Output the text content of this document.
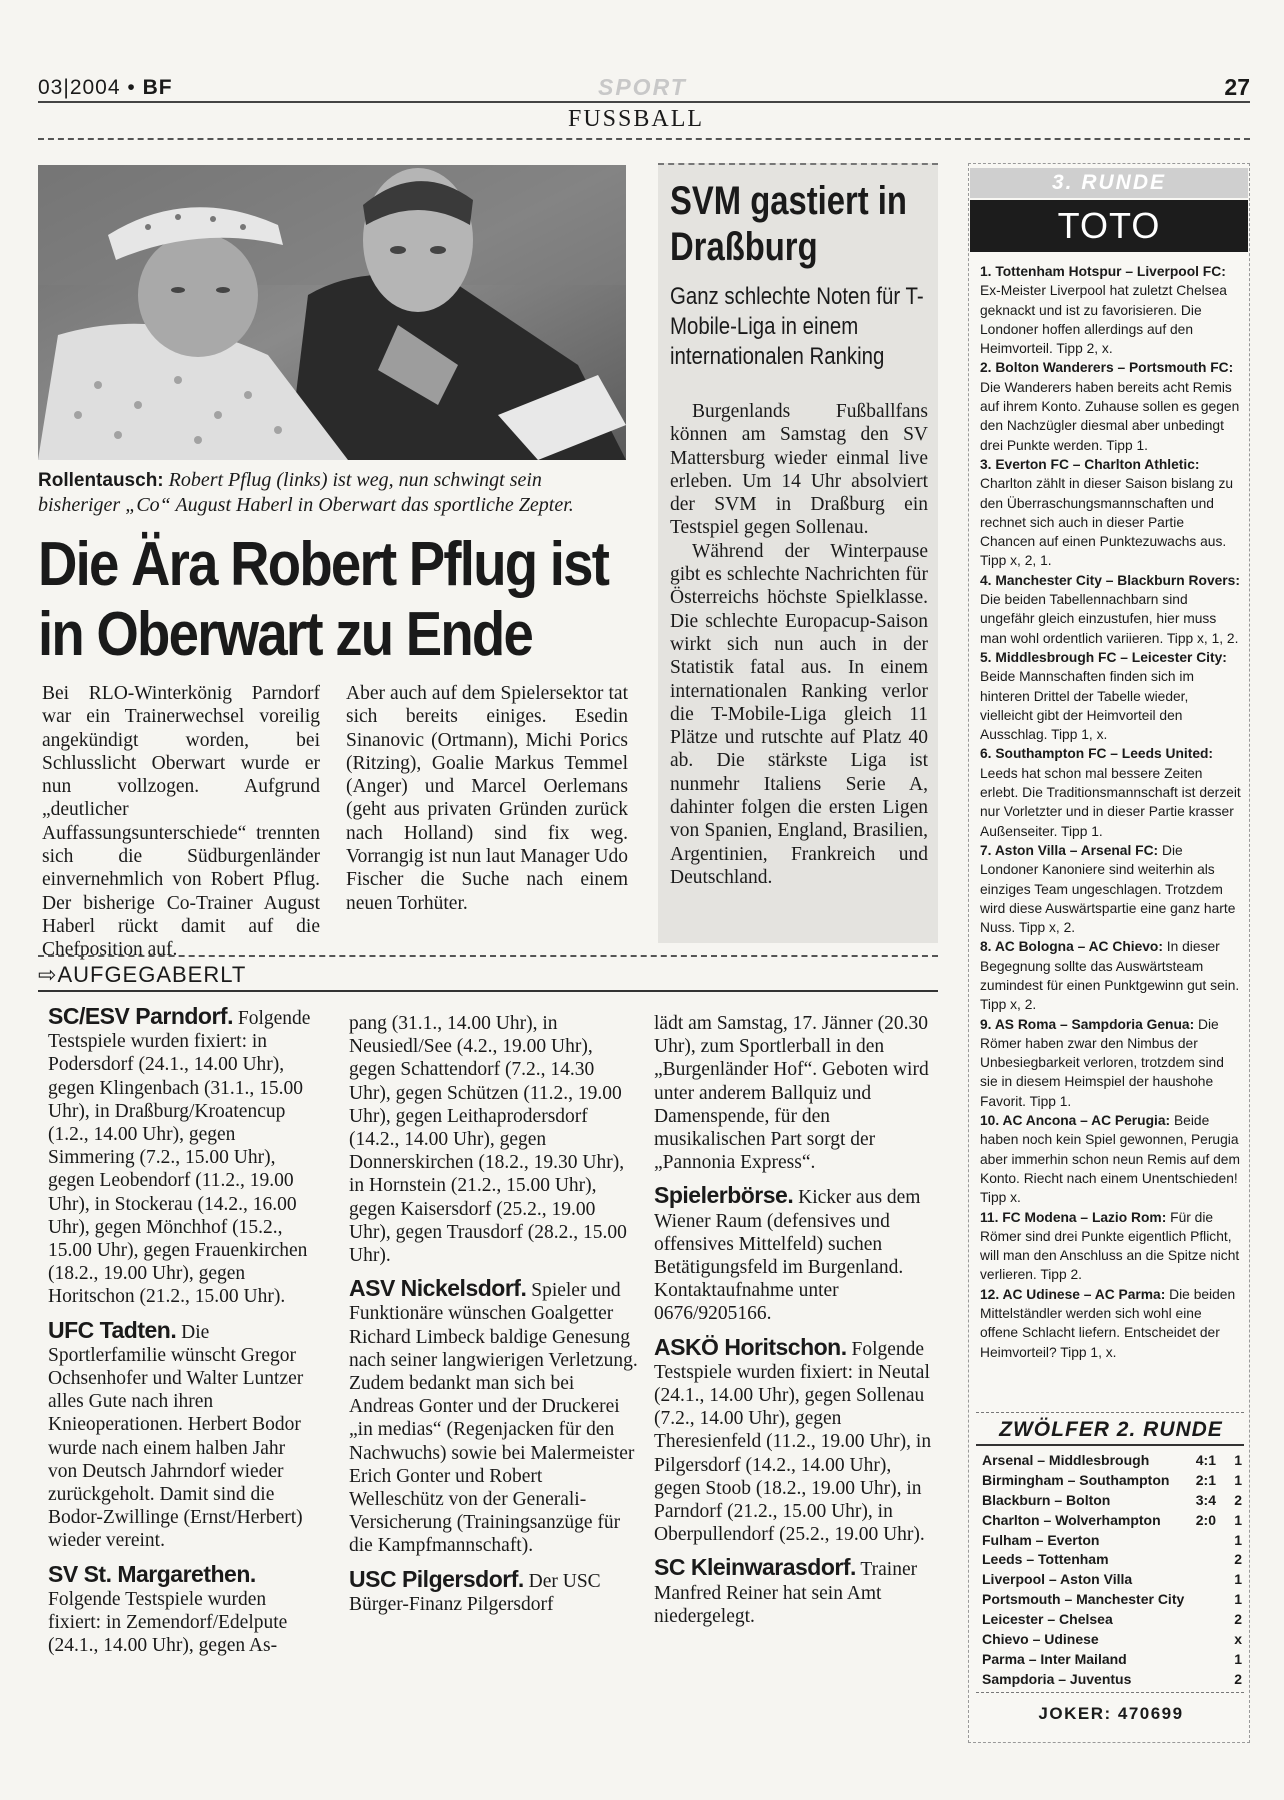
03|2004 • BF	SPORT	27
FUSSBALL
Rollentausch: Robert Pflug (links) ist weg, nun schwingt sein bisheriger „Co“ August Haberl in Oberwart das sportliche Zepter.
Die Ära Robert Pflug ist in Oberwart zu Ende
Bei RLO-Winterkönig Parndorf war ein Trainerwechsel voreilig angekündigt worden, bei Schlusslicht Oberwart wurde er nun vollzogen. Aufgrund „deutlicher Auffassungsunterschiede“ trennten sich die Südburgenländer einvernehmlich von Robert Pflug. Der bisherige Co-Trainer August Haberl rückt damit auf die Chefposition auf.
Aber auch auf dem Spielersektor tat sich bereits einiges. Esedin Sinanovic (Ortmann), Michi Porics (Ritzing), Goalie Markus Temmel (Anger) und Marcel Oerlemans (geht aus privaten Gründen zurück nach Holland) sind fix weg. Vorrangig ist nun laut Manager Udo Fischer die Suche nach einem neuen Torhüter.
SVM gastiert in Draßburg
Ganz schlechte Noten für T-Mobile-Liga in einem internationalen Ranking
Burgenlands Fußballfans können am Samstag den SV Mattersburg wieder einmal live erleben. Um 14 Uhr absolviert der SVM in Draßburg ein Testspiel gegen Sollenau.
Während der Winterpause gibt es schlechte Nachrichten für Österreichs höchste Spielklasse. Die schlechte Europacup-Saison wirkt sich nun auch in der Statistik fatal aus. In einem internationalen Ranking verlor die T-Mobile-Liga gleich 11 Plätze und rutschte auf Platz 40 ab. Die stärkste Liga ist nunmehr Italiens Serie A, dahinter folgen die ersten Ligen von Spanien, England, Brasilien, Argentinien, Frankreich und Deutschland.
⇨AUFGEGABERLT
SC/ESV Parndorf. Folgende Testspiele wurden fixiert: in Podersdorf (24.1., 14.00 Uhr), gegen Klingenbach (31.1., 15.00 Uhr), in Draßburg/Kroatencup (1.2., 14.00 Uhr), gegen Simmering (7.2., 15.00 Uhr), gegen Leobendorf (11.2., 19.00 Uhr), in Stockerau (14.2., 16.00 Uhr), gegen Mönchhof (15.2., 15.00 Uhr), gegen Frauenkirchen (18.2., 19.00 Uhr), gegen Horitschon (21.2., 15.00 Uhr).
UFC Tadten. Die Sportlerfamilie wünscht Gregor Ochsenhofer und Walter Luntzer alles Gute nach ihren Knieoperationen. Herbert Bodor wurde nach einem halben Jahr von Deutsch Jahrndorf wieder zurückgeholt. Damit sind die Bodor-Zwillinge (Ernst/Herbert) wieder vereint.
SV St. Margarethen. Folgende Testspiele wurden fixiert: in Zemendorf/Edelputе (24.1., 14.00 Uhr), gegen As-
pang (31.1., 14.00 Uhr), in Neusiedl/See (4.2., 19.00 Uhr), gegen Schattendorf (7.2., 14.30 Uhr), gegen Schützen (11.2., 19.00 Uhr), gegen Leithaprodersdorf (14.2., 14.00 Uhr), gegen Donnerskirchen (18.2., 19.30 Uhr), in Hornstein (21.2., 15.00 Uhr), gegen Kaisersdorf (25.2., 19.00 Uhr), gegen Trausdorf (28.2., 15.00 Uhr).
ASV Nickelsdorf. Spieler und Funktionäre wünschen Goalgetter Richard Limbeck baldige Genesung nach seiner langwierigen Verletzung. Zudem bedankt man sich bei Andreas Gonter und der Druckerei „in medias“ (Regenjacken für den Nachwuchs) sowie bei Malermeister Erich Gonter und Robert Welleschütz von der Generali-Versicherung (Trainingsanzüge für die Kampfmannschaft).
USC Pilgersdorf. Der USC Bürger-Finanz Pilgersdorf
lädt am Samstag, 17. Jänner (20.30 Uhr), zum Sportlerball in den „Burgenländer Hof“. Geboten wird unter anderem Ballquiz und Damenspende, für den musikalischen Part sorgt der „Pannonia Express“.
Spielerbörse. Kicker aus dem Wiener Raum (defensives und offensives Mittelfeld) suchen Betätigungsfeld im Burgenland. Kontaktaufnahme unter 0676/9205166.
ASKÖ Horitschon. Folgende Testspiele wurden fixiert: in Neutal (24.1., 14.00 Uhr), gegen Sollenau (7.2., 14.00 Uhr), gegen Theresienfeld (11.2., 19.00 Uhr), in Pilgersdorf (14.2., 14.00 Uhr), gegen Stoob (18.2., 19.00 Uhr), in Parndorf (21.2., 15.00 Uhr), in Oberpullendorf (25.2., 19.00 Uhr).
SC Kleinwarasdorf. Trainer Manfred Reiner hat sein Amt niedergelegt.
3. RUNDE
TOTO
1. Tottenham Hotspur – Liverpool FC: Ex-Meister Liverpool hat zuletzt Chelsea geknackt und ist zu favorisieren. Die Londoner hoffen allerdings auf den Heimvorteil. Tipp 2, x.
2. Bolton Wanderers – Portsmouth FC: Die Wanderers haben bereits acht Remis auf ihrem Konto. Zuhause sollen es gegen den Nachzügler diesmal aber unbedingt drei Punkte werden. Tipp 1.
3. Everton FC – Charlton Athletic: Charlton zählt in dieser Saison bislang zu den Überraschungsmannschaften und rechnet sich auch in dieser Partie Chancen auf einen Punktezuwachs aus. Tipp x, 2, 1.
4. Manchester City – Blackburn Rovers: Die beiden Tabellennachbarn sind ungefähr gleich einzustufen, hier muss man wohl ordentlich variieren. Tipp x, 1, 2.
5. Middlesbrough FC – Leicester City: Beide Mannschaften finden sich im hinteren Drittel der Tabelle wieder, vielleicht gibt der Heimvorteil den Ausschlag. Tipp 1, x.
6. Southampton FC – Leeds United: Leeds hat schon mal bessere Zeiten erlebt. Die Traditionsmannschaft ist derzeit nur Vorletzter und in dieser Partie krasser Außenseiter. Tipp 1.
7. Aston Villa – Arsenal FC: Die Londoner Kanoniere sind weiterhin als einziges Team ungeschlagen. Trotzdem wird diese Auswärtspartie eine ganz harte Nuss. Tipp x, 2.
8. AC Bologna – AC Chievo: In dieser Begegnung sollte das Auswärtsteam zumindest für einen Punktgewinn gut sein. Tipp x, 2.
9. AS Roma – Sampdoria Genua: Die Römer haben zwar den Nimbus der Unbesiegbarkeit verloren, trotzdem sind sie in diesem Heimspiel der haushohe Favorit. Tipp 1.
10. AC Ancona – AC Perugia: Beide haben noch kein Spiel gewonnen, Perugia aber immerhin schon neun Remis auf dem Konto. Riecht nach einem Unentschieden! Tipp x.
11. FC Modena – Lazio Rom: Für die Römer sind drei Punkte eigentlich Pflicht, will man den Anschluss an die Spitze nicht verlieren. Tipp 2.
12. AC Udinese – AC Parma: Die beiden Mittelständler werden sich wohl eine offene Schlacht liefern. Entscheidet der Heimvorteil? Tipp 1, x.
ZWÖLFER 2. RUNDE
Arsenal – Middlesbrough	4:1	1
Birmingham – Southampton	2:1	1
Blackburn – Bolton	3:4	2
Charlton – Wolverhampton	2:0	1
Fulham – Everton		1
Leeds – Tottenham		2
Liverpool – Aston Villa		1
Portsmouth – Manchester City		1
Leicester – Chelsea		2
Chievo – Udinese		x
Parma – Inter Mailand		1
Sampdoria – Juventus		2
JOKER: 470699
